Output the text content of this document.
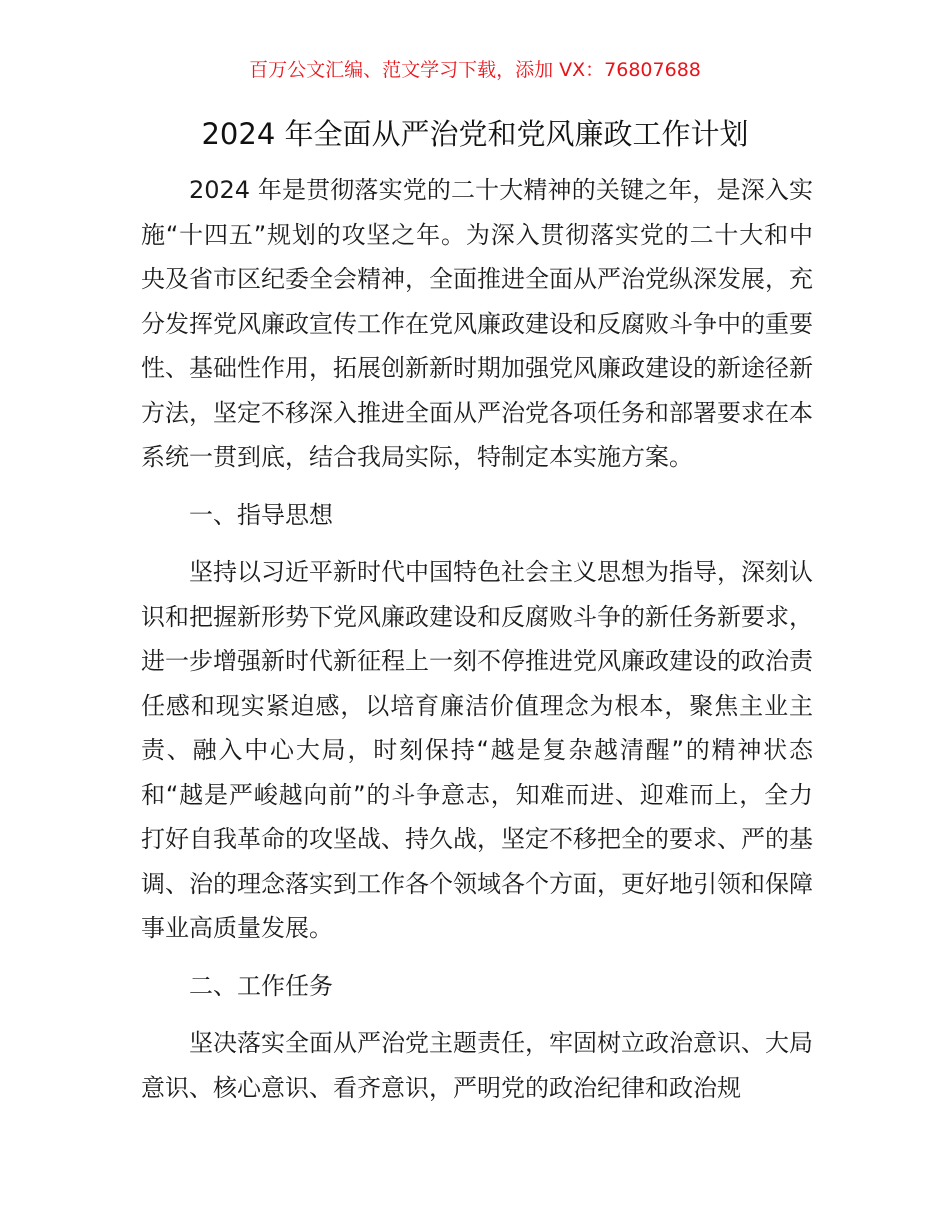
百万公文汇编、范文学习下载，添加 VX：76807688
2024 年全面从严治党和党风廉政工作计划

2024 年是贯彻落实党的二十大精神的关键之年，是深入实施“十四五”规划的攻坚之年。为深入贯彻落实党的二十大和中央及省市区纪委全会精神，全面推进全面从严治党纵深发展，充分发挥党风廉政宣传工作在党风廉政建设和反腐败斗争中的重要性、基础性作用，拓展创新新时期加强党风廉政建设的新途径新方法，坚定不移深入推进全面从严治党各项任务和部署要求在本系统一贯到底，结合我局实际，特制定本实施方案。

一、指导思想

坚持以习近平新时代中国特色社会主义思想为指导，深刻认识和把握新形势下党风廉政建设和反腐败斗争的新任务新要求，进一步增强新时代新征程上一刻不停推进党风廉政建设的政治责任感和现实紧迫感，以培育廉洁价值理念为根本，聚焦主业主责、融入中心大局，时刻保持“越是复杂越清醒”的精神状态和“越是严峻越向前”的斗争意志，知难而进、迎难而上，全力打好自我革命的攻坚战、持久战，坚定不移把全的要求、严的基调、治的理念落实到工作各个领域各个方面，更好地引领和保障事业高质量发展。

二、工作任务

坚决落实全面从严治党主题责任，牢固树立政治意识、大局意识、核心意识、看齐意识，严明党的政治纪律和政治规
